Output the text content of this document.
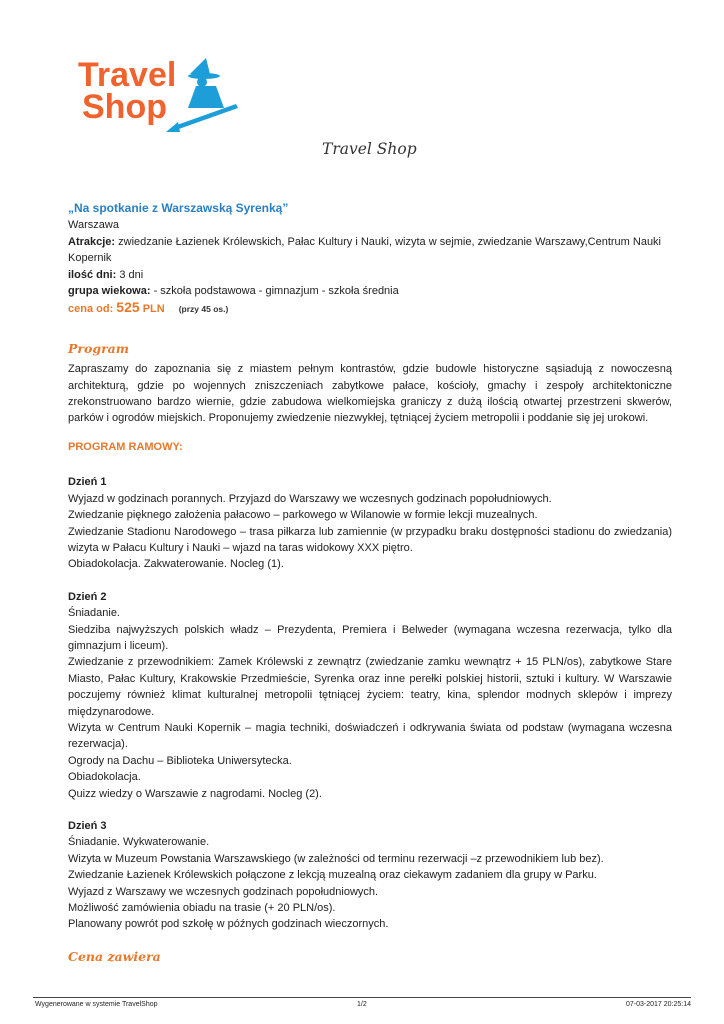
Travel
Shop
Travel Shop
„Na spotkanie z Warszawską Syrenką”
Warszawa
Atrakcje: zwiedzanie Łazienek Królewskich, Pałac Kultury i Nauki, wizyta w sejmie, zwiedzanie Warszawy,Centrum Nauki Kopernik
ilość dni: 3 dni
grupa wiekowa: - szkoła podstawowa - gimnazjum - szkoła średnia
cena od: 525 PLN (przy 45 os.)
Program

Zapraszamy do zapoznania się z miastem pełnym kontrastów, gdzie budowle historyczne sąsiadują z nowoczesną architekturą, gdzie po wojennych zniszczeniach zabytkowe pałace, kościoły, gmachy i zespoły architektoniczne zrekonstruowano bardzo wiernie, gdzie zabudowa wielkomiejska graniczy z dużą ilością otwartej przestrzeni skwerów, parków i ogrodów miejskich. Proponujemy zwiedzenie niezwykłej, tętniącej życiem metropolii i poddanie się jej urokowi.

PROGRAM RAMOWY:
Dzień 1

Wyjazd w godzinach porannych. Przyjazd do Warszawy we wczesnych godzinach popołudniowych.

Zwiedzanie pięknego założenia pałacowo – parkowego w Wilanowie w formie lekcji muzealnych.

Zwiedzanie Stadionu Narodowego – trasa piłkarza lub zamiennie (w przypadku braku dostępności stadionu do zwiedzania) wizyta w Pałacu Kultury i Nauki – wjazd na taras widokowy XXX piętro.

Obiadokolacja. Zakwaterowanie. Nocleg (1).

Dzień 2

Śniadanie.

Siedziba najwyższych polskich władz – Prezydenta, Premiera i Belweder (wymagana wczesna rezerwacja, tylko dla gimnazjum i liceum).

Zwiedzanie z przewodnikiem: Zamek Królewski z zewnątrz (zwiedzanie zamku wewnątrz + 15 PLN/os), zabytkowe Stare Miasto, Pałac Kultury, Krakowskie Przedmieście, Syrenka oraz inne perełki polskiej historii, sztuki i kultury. W Warszawie poczujemy również klimat kulturalnej metropolii tętniącej życiem: teatry, kina, splendor modnych sklepów i imprezy międzynarodowe.

Wizyta w Centrum Nauki Kopernik – magia techniki, doświadczeń i odkrywania świata od podstaw (wymagana wczesna rezerwacja).

Ogrody na Dachu – Biblioteka Uniwersytecka.

Obiadokolacja.

Quizz wiedzy o Warszawie z nagrodami. Nocleg (2).

Dzień 3

Śniadanie. Wykwaterowanie.

Wizyta w Muzeum Powstania Warszawskiego (w zależności od terminu rezerwacji –z przewodnikiem lub bez).

Zwiedzanie Łazienek Królewskich połączone z lekcją muzealną oraz ciekawym zadaniem dla grupy w Parku.

Wyjazd z Warszawy we wczesnych godzinach popołudniowych.

Możliwość zamówienia obiadu na trasie (+ 20 PLN/os).

Planowany powrót pod szkołę w późnych godzinach wieczornych.

Cena zawiera
Wygenerowane w systemie TravelShop	1/2	07-03-2017 20:25:14
